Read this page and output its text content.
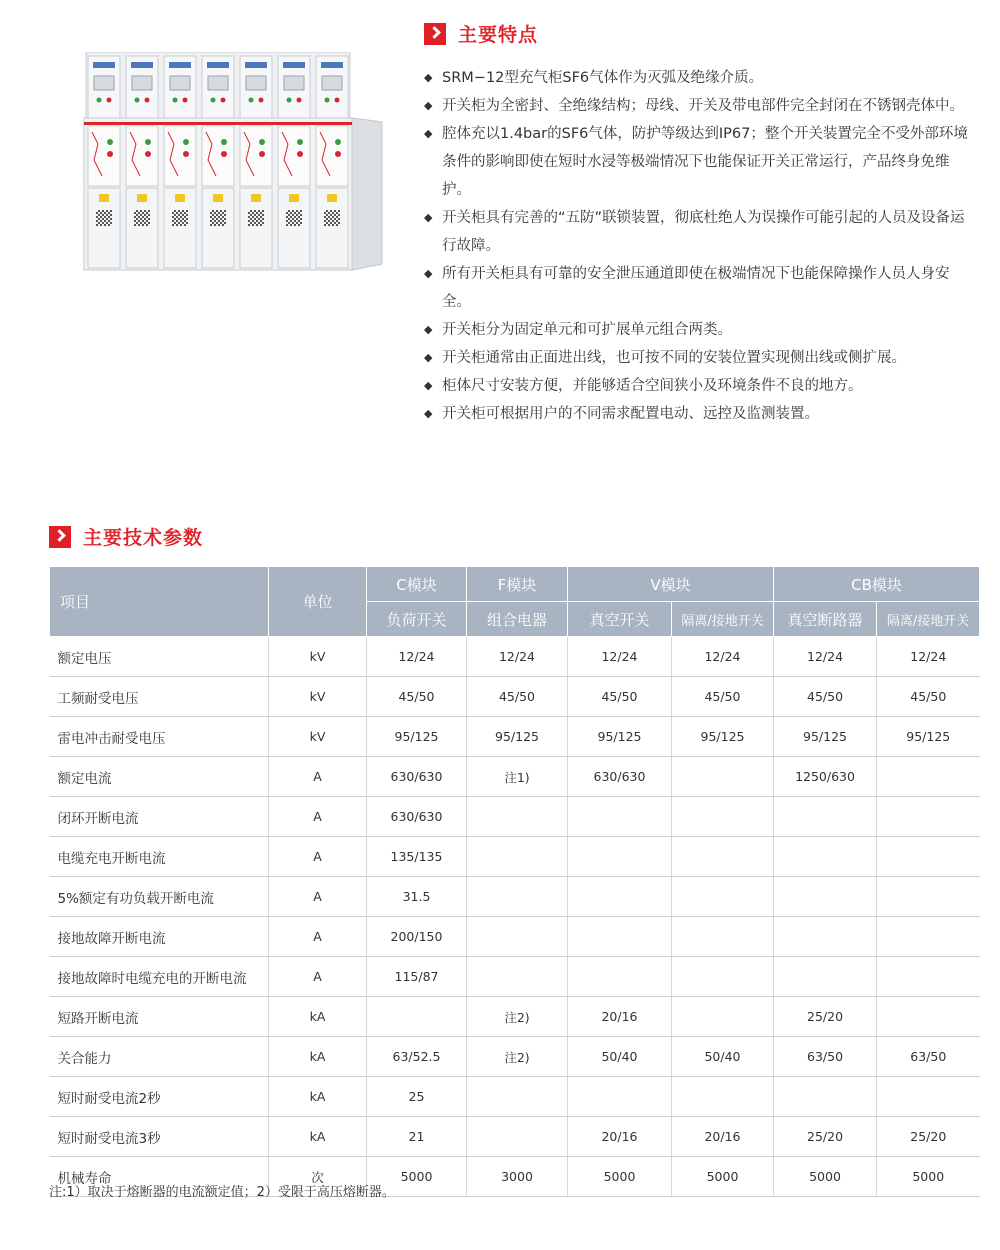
主要特点
◆ SRM−12型充气柜SF6气体作为灭弧及绝缘介质。
◆ 开关柜为全密封、全绝缘结构；母线、开关及带电部件完全封闭在不锈钢壳体中。
◆ 腔体充以1.4bar的SF6气体，防护等级达到IP67；整个开关装置完全不受外部环境条件的影响即使在短时水浸等极端情况下也能保证开关正常运行，产品终身免维护。
◆ 开关柜具有完善的“五防”联锁装置，彻底杜绝人为误操作可能引起的人员及设备运行故障。
◆ 所有开关柜具有可靠的安全泄压通道即使在极端情况下也能保障操作人员人身安全。
◆ 开关柜分为固定单元和可扩展单元组合两类。
◆ 开关柜通常由正面进出线，也可按不同的安装位置实现侧出线或侧扩展。
◆ 柜体尺寸安装方便，并能够适合空间狭小及环境条件不良的地方。
◆ 开关柜可根据用户的不同需求配置电动、远控及监测装置。
主要技术参数
项目	单位	C模块	F模块	V模块		CB模块	
		负荷开关	组合电器	真空开关	隔离/接地开关	真空断路器	隔离/接地开关
额定电压	kV	12/24	12/24	12/24	12/24	12/24	12/24
工频耐受电压	kV	45/50	45/50	45/50	45/50	45/50	45/50
雷电冲击耐受电压	kV	95/125	95/125	95/125	95/125	95/125	95/125
额定电流	A	630/630	注1)	630/630		1250/630	
闭环开断电流	A	630/630					
电缆充电开断电流	A	135/135					
5%额定有功负载开断电流	A	31.5					
接地故障开断电流	A	200/150					
接地故障时电缆充电的开断电流	A	115/87					
短路开断电流	kA		注2)	20/16		25/20	
关合能力	kA	63/52.5	注2)	50/40	50/40	63/50	63/50
短时耐受电流2秒	kA	25					
短时耐受电流3秒	kA	21		20/16	20/16	25/20	25/20
机械寿命	次	5000	3000	5000	5000	5000	5000
注:1）取决于熔断器的电流额定值；2）受限于高压熔断器。
